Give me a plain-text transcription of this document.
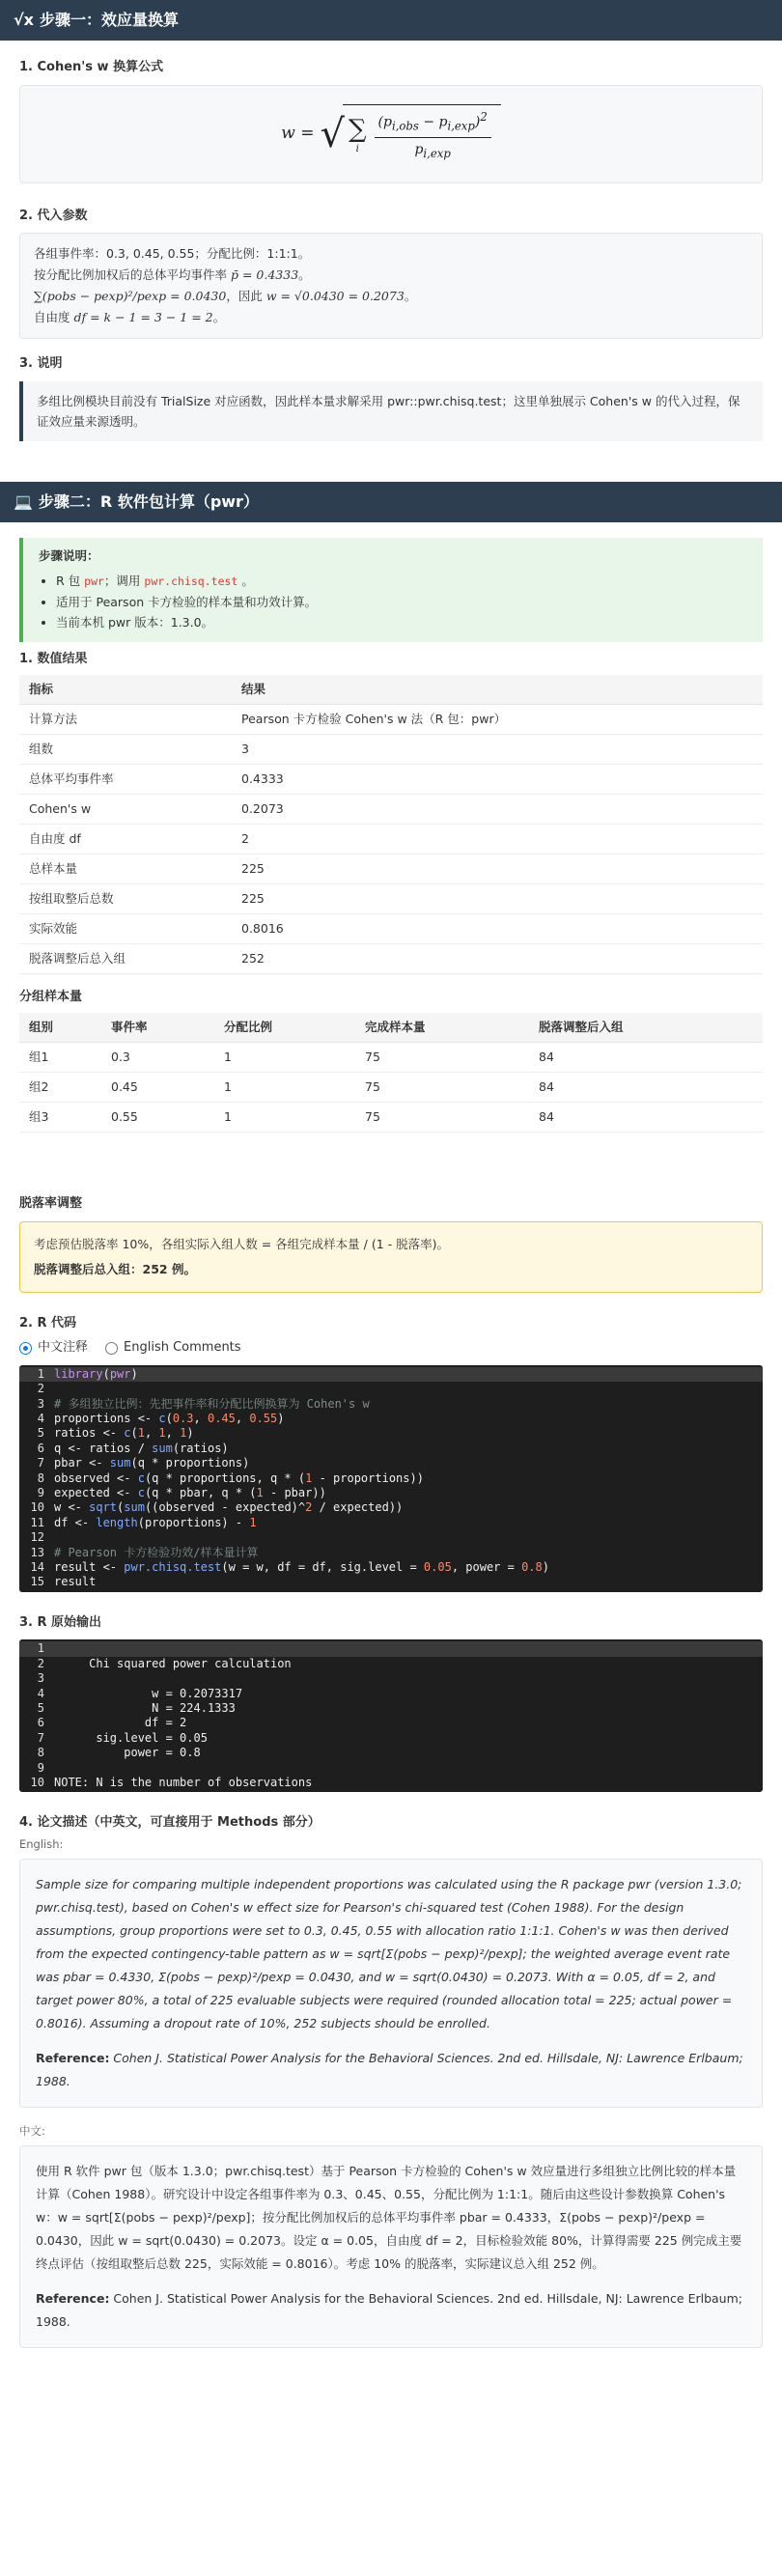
√x 步骤一：效应量换算
1. Cohen's w 换算公式
w = √ ∑
i $\frac{(p_{i,obs} - p_{i,exp})^2}{p_{i,exp}}$
2. 代入参数
各组事件率：0.3, 0.45, 0.55；分配比例：1:1:1。
按分配比例加权后的总体平均事件率 p̄ = 0.4333。
∑(pobs − pexp)²/pexp = 0.0430，因此 w = √0.0430 = 0.2073。
自由度 df = k − 1 = 3 − 1 = 2。
3. 说明
多组比例模块目前没有 TrialSize 对应函数，因此样本量求解采用 pwr::pwr.chisq.test；这里单独展示 Cohen's w 的代入过程，保证效应量来源透明。
💻 步骤二：R 软件包计算（pwr）
步骤说明：
• R 包 pwr；调用 pwr.chisq.test 。
• 适用于 Pearson 卡方检验的样本量和功效计算。
• 当前本机 pwr 版本：1.3.0。
1. 数值结果
指标	结果
计算方法	Pearson 卡方检验 Cohen's w 法（R 包：pwr）
组数	3
总体平均事件率	0.4333
Cohen's w	0.2073
自由度 df	2
总样本量	225
按组取整后总数	225
实际效能	0.8016
脱落调整后总入组	252
分组样本量
组别	事件率	分配比例	完成样本量	脱落调整后入组
组1	0.3	1	75	84
组2	0.45	1	75	84
组3	0.55	1	75	84
脱落率调整
考虑预估脱落率 10%，各组实际入组人数 = 各组完成样本量 / (1 - 脱落率)。
脱落调整后总入组：252 例。
2. R 代码
中文注释	English Comments
1 library(pwr)
2

3 # 多组独立比例：先把事件率和分配比例换算为 Cohen's w
4 proportions <- c(0.3, 0.45, 0.55)
5 ratios <- c(1, 1, 1)
6 q <- ratios / sum(ratios)
7 pbar <- sum(q * proportions)
8 observed <- c(q * proportions, q * (1 - proportions))
9 expected <- c(q * pbar, q * (1 - pbar))
10 w <- sqrt(sum((observed - expected)^2 / expected))
11 df <- length(proportions) - 1
12

13 # Pearson 卡方检验功效/样本量计算
14 result <- pwr.chisq.test(w = w, df = df, sig.level = 0.05, power = 0.8)
15 result
3. R 原始输出
1
2 Chi squared power calculation
3
4 w = 0.2073317
5 N = 224.1333
6 df = 2
7 sig.level = 0.05
8 power = 0.8
9
10 NOTE: N is the number of observations
4. 论文描述（中英文，可直接用于 Methods 部分）
English:

Sample size for comparing multiple independent proportions was calculated using the R package pwr (version 1.3.0; pwr.chisq.test), based on Cohen's w effect size for Pearson's chi-squared test (Cohen 1988). For the design assumptions, group proportions were set to 0.3, 0.45, 0.55 with allocation ratio 1:1:1. Cohen's w was then derived from the expected contingency-table pattern as w = sqrt[Σ(pobs − pexp)²/pexp]; the weighted average event rate was pbar = 0.4330, Σ(pobs − pexp)²/pexp = 0.0430, and w = sqrt(0.0430) = 0.2073. With α = 0.05, df = 2, and target power 80%, a total of 225 evaluable subjects were required (rounded allocation total = 225; actual power = 0.8016). Assuming a dropout rate of 10%, 252 subjects should be enrolled.

Reference: Cohen J. Statistical Power Analysis for the Behavioral Sciences. 2nd ed. Hillsdale, NJ: Lawrence Erlbaum; 1988.

中文:

使用 R 软件 pwr 包（版本 1.3.0；pwr.chisq.test）基于 Pearson 卡方检验的 Cohen's w 效应量进行多组独立比例比较的样本量计算（Cohen 1988）。研究设计中设定各组事件率为 0.3、0.45、0.55，分配比例为 1:1:1。随后由这些设计参数换算 Cohen's w：w = sqrt[Σ(pobs − pexp)²/pexp]；按分配比例加权后的总体平均事件率 pbar = 0.4333，Σ(pobs − pexp)²/pexp = 0.0430，因此 w = sqrt(0.0430) = 0.2073。设定 α = 0.05，自由度 df = 2，目标检验效能 80%，计算得需要 225 例完成主要终点评估（按组取整后总数 225，实际效能 = 0.8016）。考虑 10% 的脱落率，实际建议总入组 252 例。

Reference: Cohen J. Statistical Power Analysis for the Behavioral Sciences. 2nd ed. Hillsdale, NJ: Lawrence Erlbaum; 1988.
